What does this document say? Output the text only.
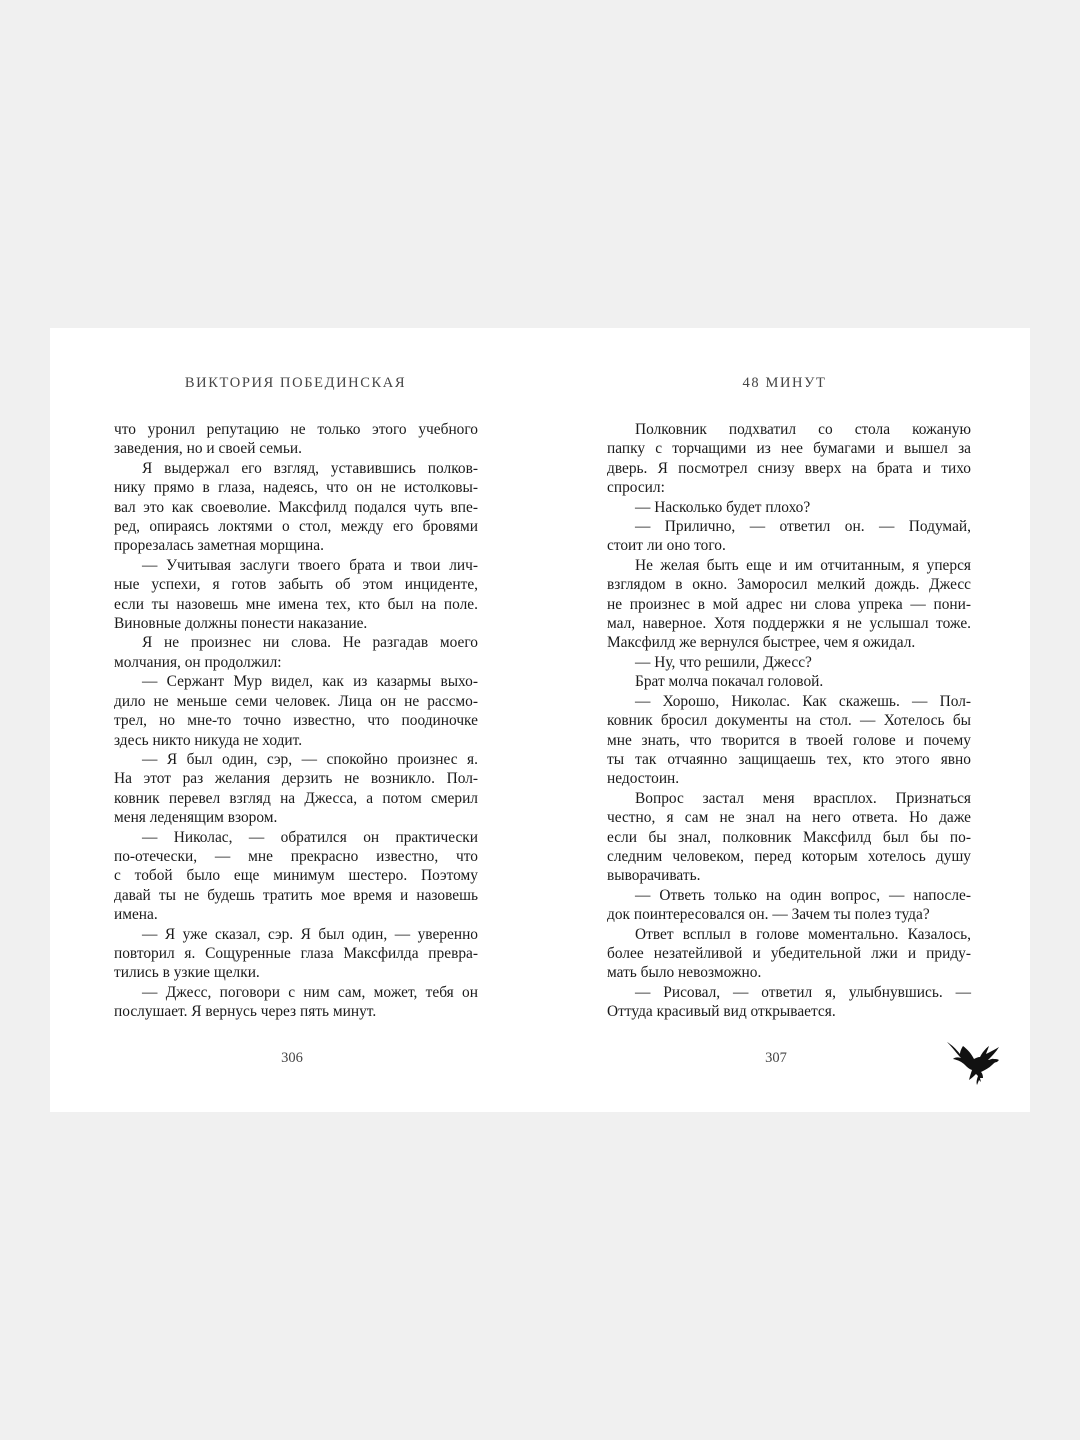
ВИКТОРИЯ ПОБЕДИНСКАЯ
что уронил репутацию не только этого учебного
заведения, но и своей семьи.
Я выдержал его взгляд, уставившись полков-
нику прямо в глаза, надеясь, что он не истолковы-
вал это как своеволие. Максфилд подался чуть впе-
ред, опираясь локтями о стол, между его бровями
прорезалась заметная морщина.
— Учитывая заслуги твоего брата и твои лич-
ные успехи, я готов забыть об этом инциденте,
если ты назовешь мне имена тех, кто был на поле.
Виновные должны понести наказание.
Я не произнес ни слова. Не разгадав моего
молчания, он продолжил:
— Сержант Мур видел, как из казармы выхо-
дило не меньше семи человек. Лица он не рассмо-
трел, но мне-то точно известно, что поодиночке
здесь никто никуда не ходит.
— Я был один, сэр, — спокойно произнес я.
На этот раз желания дерзить не возникло. Пол-
ковник перевел взгляд на Джесса, а потом смерил
меня леденящим взором.
— Николас, — обратился он практически
по-отечески, — мне прекрасно известно, что
с тобой было еще минимум шестеро. Поэтому
давай ты не будешь тратить мое время и назовешь
имена.
— Я уже сказал, сэр. Я был один, — уверенно
повторил я. Сощуренные глаза Максфилда превра-
тились в узкие щелки.
— Джесс, поговори с ним сам, может, тебя он
послушает. Я вернусь через пять минут.
306
48 МИНУТ
Полковник подхватил со стола кожаную
папку с торчащими из нее бумагами и вышел за
дверь. Я посмотрел снизу вверх на брата и тихо
спросил:
— Насколько будет плохо?
— Прилично, — ответил он. — Подумай,
стоит ли оно того.
Не желая быть еще и им отчитанным, я уперся
взглядом в окно. Заморосил мелкий дождь. Джесс
не произнес в мой адрес ни слова упрека — пони-
мал, наверное. Хотя поддержки я не услышал тоже.
Максфилд же вернулся быстрее, чем я ожидал.
— Ну, что решили, Джесс?
Брат молча покачал головой.
— Хорошо, Николас. Как скажешь. — Пол-
ковник бросил документы на стол. — Хотелось бы
мне знать, что творится в твоей голове и почему
ты так отчаянно защищаешь тех, кто этого явно
недостоин.
Вопрос застал меня врасплох. Признаться
честно, я сам не знал на него ответа. Но даже
если бы знал, полковник Максфилд был бы по-
следним человеком, перед которым хотелось душу
выворачивать.
— Ответь только на один вопрос, — напосле-
док поинтересовался он. — Зачем ты полез туда?
Ответ всплыл в голове моментально. Казалось,
более незатейливой и убедительной лжи и приду-
мать было невозможно.
— Рисовал, — ответил я, улыбнувшись. —
Оттуда красивый вид открывается.
307
